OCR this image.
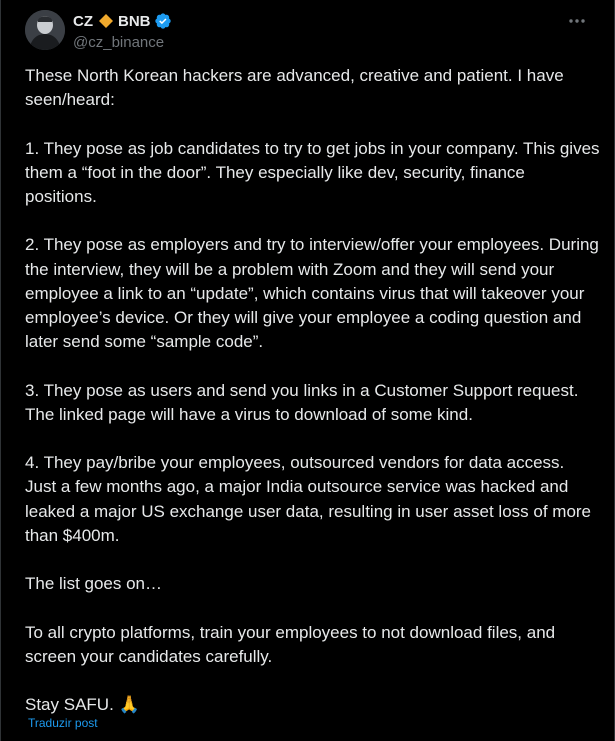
CZ BNB
@cz_binance

These North Korean hackers are advanced, creative and patient. I have seen/heard:

1. They pose as job candidates to try to get jobs in your company. This gives them a “foot in the door”. They especially like dev, security, finance positions.

2. They pose as employers and try to interview/offer your employees. During the interview, they will be a problem with Zoom and they will send your employee a link to an “update”, which contains virus that will takeover your employee’s device. Or they will give your employee a coding question and later send some “sample code”.

3. They pose as users and send you links in a Customer Support request. The linked page will have a virus to download of some kind.

4. They pay/bribe your employees, outsourced vendors for data access. Just a few months ago, a major India outsource service was hacked and leaked a major US exchange user data, resulting in user asset loss of more than $400m.

The list goes on…

To all crypto platforms, train your employees to not download files, and screen your candidates carefully.

Stay SAFU. 🙏

Traduzir post
